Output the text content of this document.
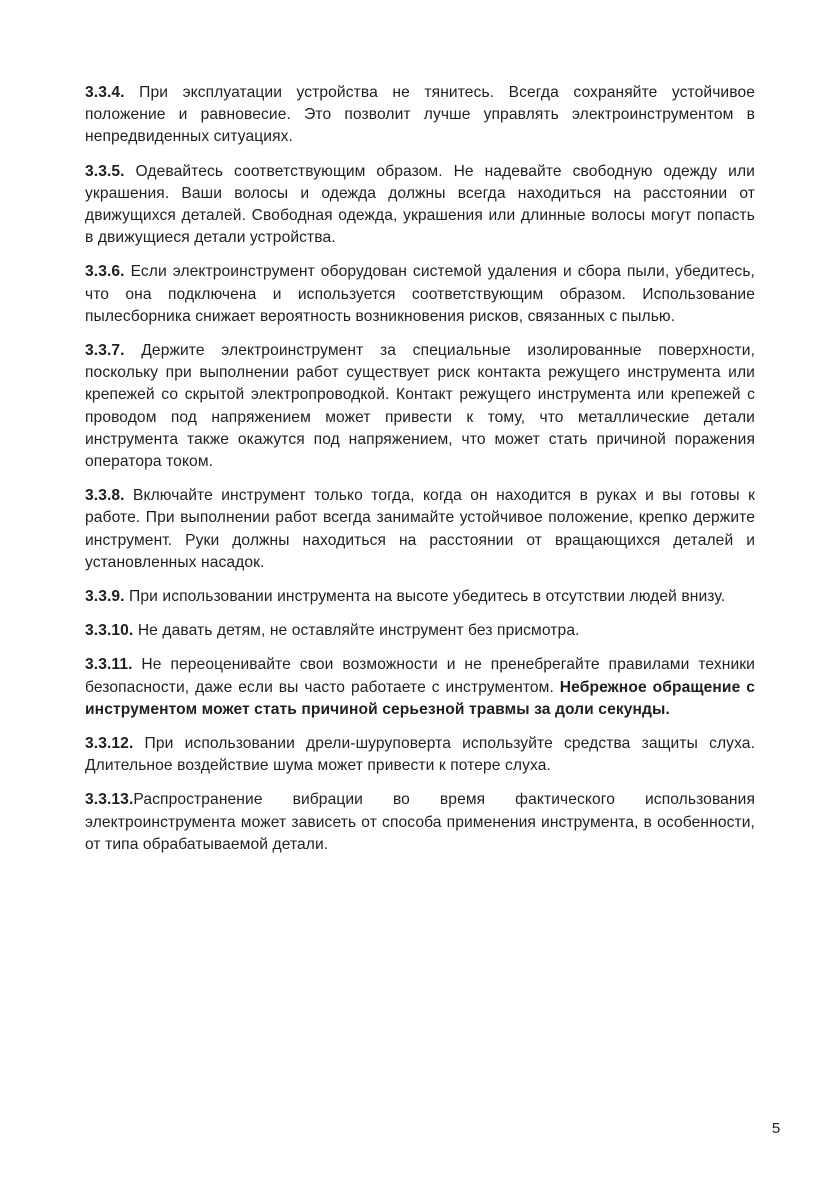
3.3.4. При эксплуатации устройства не тянитесь. Всегда сохраняйте устойчивое положение и равновесие. Это позволит лучше управлять электроинструментом в непредвиденных ситуациях.

3.3.5. Одевайтесь соответствующим образом. Не надевайте свободную одежду или украшения. Ваши волосы и одежда должны всегда находиться на расстоянии от движущихся деталей. Свободная одежда, украшения или длинные волосы могут попасть в движущиеся детали устройства.

3.3.6. Если электроинструмент оборудован системой удаления и сбора пыли, убедитесь, что она подключена и используется соответствующим образом. Использование пылесборника снижает вероятность возникновения рисков, связанных с пылью.

3.3.7. Держите электроинструмент за специальные изолированные поверхности, поскольку при выполнении работ существует риск контакта режущего инструмента или крепежей со скрытой электропроводкой. Контакт режущего инструмента или крепежей с проводом под напряжением может привести к тому, что металлические детали инструмента также окажутся под напряжением, что может стать причиной поражения оператора током.

3.3.8. Включайте инструмент только тогда, когда он находится в руках и вы готовы к работе. При выполнении работ всегда занимайте устойчивое положение, крепко держите инструмент. Руки должны находиться на расстоянии от вращающихся деталей и установленных насадок.

3.3.9. При использовании инструмента на высоте убедитесь в отсутствии людей внизу.

3.3.10. Не давать детям, не оставляйте инструмент без присмотра.

3.3.11. Не переоценивайте свои возможности и не пренебрегайте правилами техники безопасности, даже если вы часто работаете с инструментом. Небрежное обращение с инструментом может стать причиной серьезной травмы за доли секунды.

3.3.12. При использовании дрели-шуруповерта используйте средства защиты слуха. Длительное воздействие шума может привести к потере слуха.

3.3.13.Распространение вибрации во время фактического использования электроинструмента может зависеть от способа применения инструмента, в особенности, от типа обрабатываемой детали.

5
